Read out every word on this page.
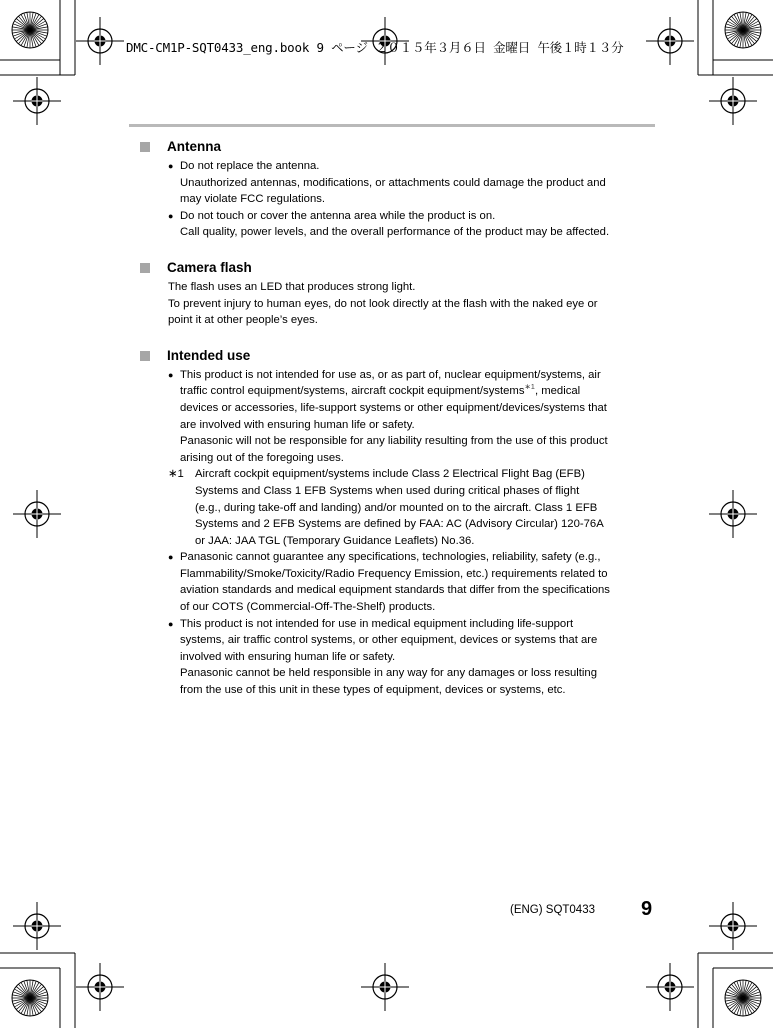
DMC-CM1P-SQT0433_eng.book 9 ページ ２０１５年３月６日 金曜日 午後１時１３分
Antenna
● Do not replace the antenna.
Unauthorized antennas, modifications, or attachments could damage the product and
may violate FCC regulations.
● Do not touch or cover the antenna area while the product is on.
Call quality, power levels, and the overall performance of the product may be affected.
Camera flash
The flash uses an LED that produces strong light.
To prevent injury to human eyes, do not look directly at the flash with the naked eye or
point it at other people’s eyes.
Intended use
● This product is not intended for use as, or as part of, nuclear equipment/systems, air
traffic control equipment/systems, aircraft cockpit equipment/systems$^{∗1}$, medical
devices or accessories, life-support systems or other equipment/devices/systems that
are involved with ensuring human life or safety.
Panasonic will not be responsible for any liability resulting from the use of this product
arising out of the foregoing uses.
∗1 Aircraft cockpit equipment/systems include Class 2 Electrical Flight Bag (EFB)
Systems and Class 1 EFB Systems when used during critical phases of flight
(e.g., during take-off and landing) and/or mounted on to the aircraft. Class 1 EFB
Systems and 2 EFB Systems are defined by FAA: AC (Advisory Circular) 120-76A
or JAA: JAA TGL (Temporary Guidance Leaflets) No.36.
● Panasonic cannot guarantee any specifications, technologies, reliability, safety (e.g.,
Flammability/Smoke/Toxicity/Radio Frequency Emission, etc.) requirements related to
aviation standards and medical equipment standards that differ from the specifications
of our COTS (Commercial-Off-The-Shelf) products.
● This product is not intended for use in medical equipment including life-support
systems, air traffic control systems, or other equipment, devices or systems that are
involved with ensuring human life or safety.
Panasonic cannot be held responsible in any way for any damages or loss resulting
from the use of this unit in these types of equipment, devices or systems, etc.
(ENG) SQT0433 9
